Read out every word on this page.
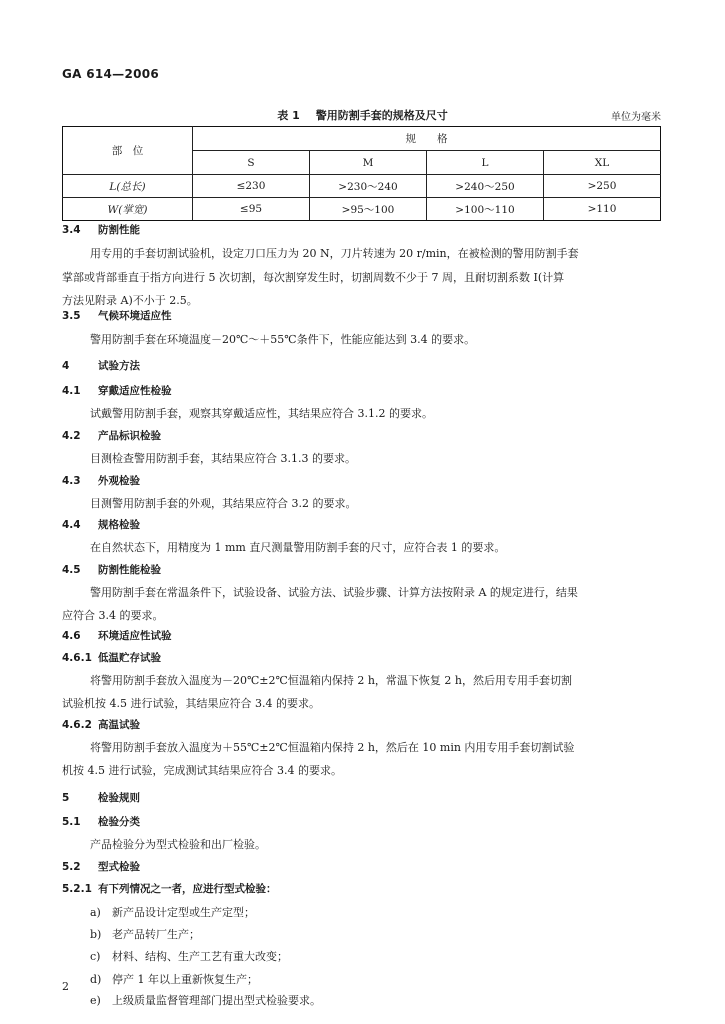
GA 614—2006
表 1 警用防割手套的规格及尺寸	单位为毫米
部　位	规　　格			
	S	M	L	XL
L(总长)	≤230	>230～240	>240～250	>250
W(掌宽)	≤95	>95～100	>100～110	>110
3.4 防割性能
用专用的手套切割试验机，设定刀口压力为 20 N，刀片转速为 20 r/min，在被检测的警用防割手套
掌部或背部垂直于指方向进行 5 次切割，每次割穿发生时，切割周数不少于 7 周，且耐切割系数 I(计算
方法见附录 A)不小于 2.5。
3.5 气候环境适应性
警用防割手套在环境温度－20℃～＋55℃条件下，性能应能达到 3.4 的要求。
4	试验方法
4.1 穿戴适应性检验
试戴警用防割手套，观察其穿戴适应性，其结果应符合 3.1.2 的要求。
4.2 产品标识检验
目测检查警用防割手套，其结果应符合 3.1.3 的要求。
4.3 外观检验
目测警用防割手套的外观，其结果应符合 3.2 的要求。
4.4 规格检验
在自然状态下，用精度为 1 mm 直尺测量警用防割手套的尺寸，应符合表 1 的要求。
4.5 防割性能检验
警用防割手套在常温条件下，试验设备、试验方法、试验步骤、计算方法按附录 A 的规定进行，结果
应符合 3.4 的要求。
4.6 环境适应性试验
4.6.1 低温贮存试验
将警用防割手套放入温度为－20℃±2℃恒温箱内保持 2 h，常温下恢复 2 h，然后用专用手套切割
试验机按 4.5 进行试验，其结果应符合 3.4 的要求。
4.6.2 高温试验
将警用防割手套放入温度为＋55℃±2℃恒温箱内保持 2 h，然后在 10 min 内用专用手套切割试验
机按 4.5 进行试验，完成测试其结果应符合 3.4 的要求。
5	检验规则
5.1 检验分类
产品检验分为型式检验和出厂检验。
5.2 型式检验
5.2.1 有下列情况之一者，应进行型式检验：
a) 新产品设计定型或生产定型；
b) 老产品转厂生产；
c) 材料、结构、生产工艺有重大改变；
d) 停产 1 年以上重新恢复生产；
e) 上级质量监督管理部门提出型式检验要求。
2
